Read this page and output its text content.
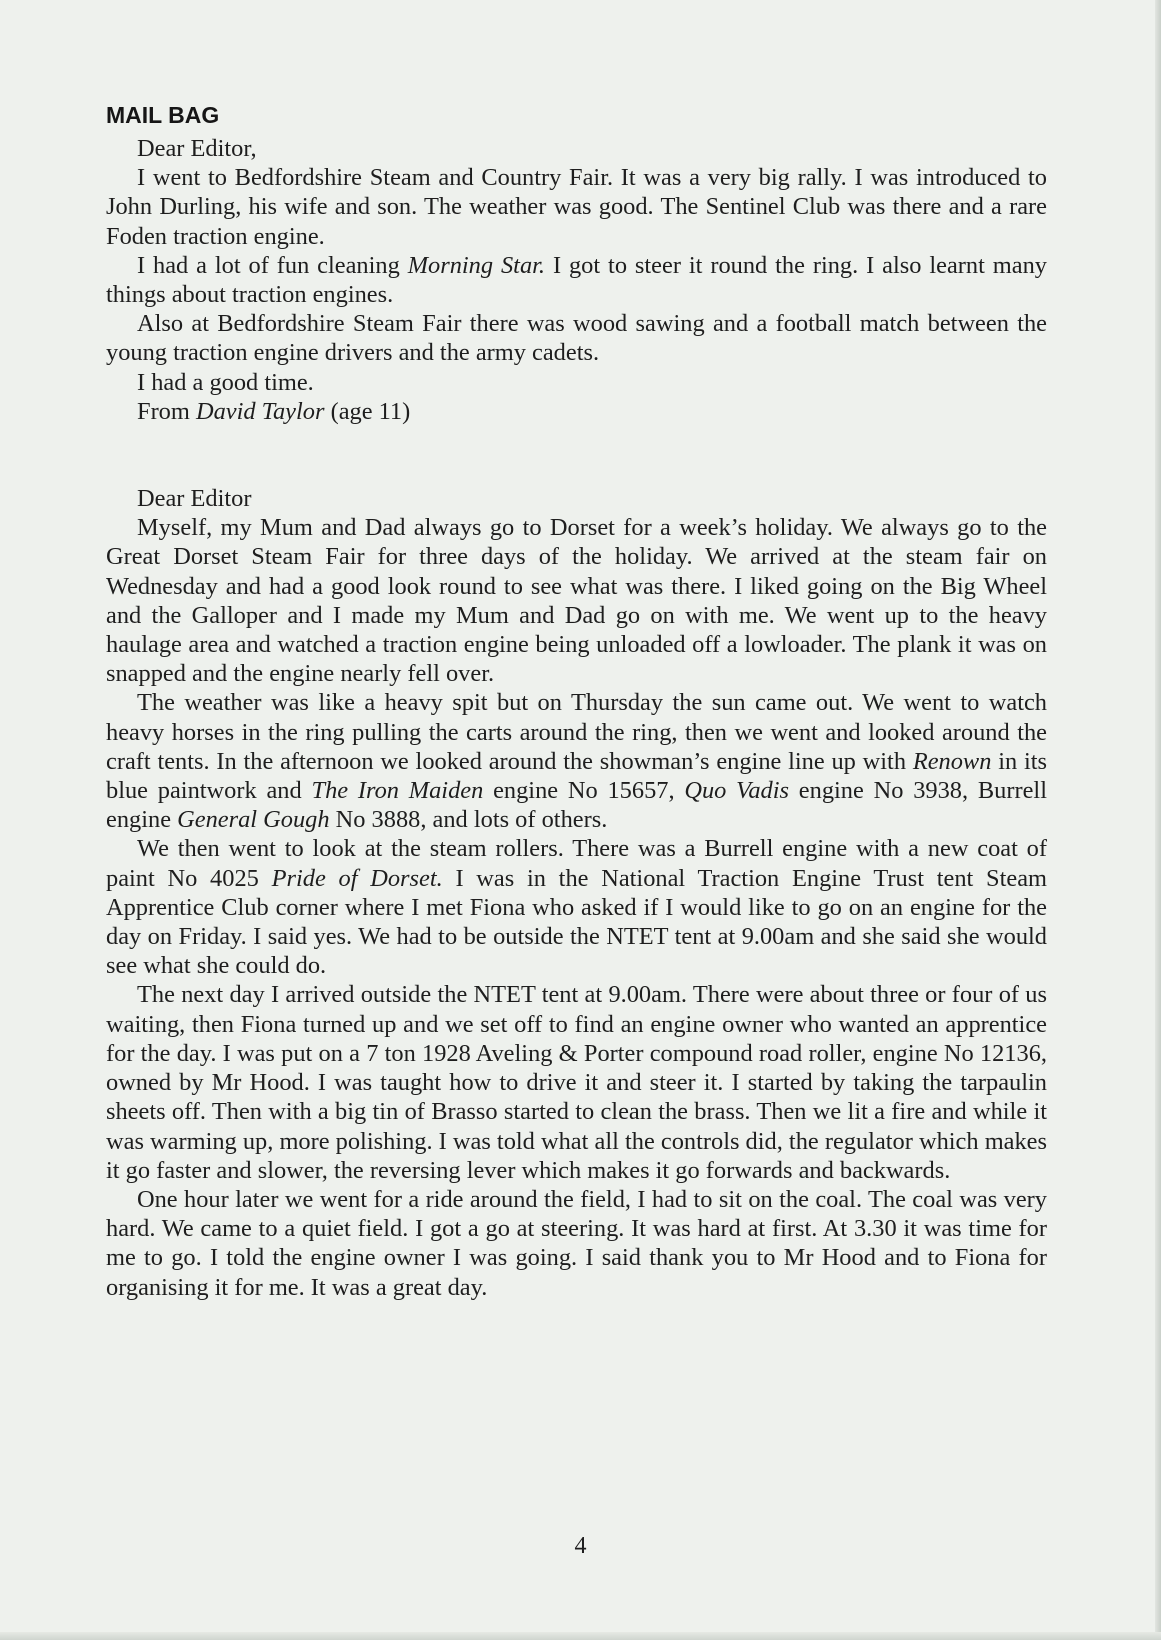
MAIL BAG

Dear Editor,

I went to Bedfordshire Steam and Country Fair. It was a very big rally. I was introduced to John Durling, his wife and son. The weather was good. The Sentinel Club was there and a rare Foden traction engine.

I had a lot of fun cleaning Morning Star. I got to steer it round the ring. I also learnt many things about traction engines.

Also at Bedfordshire Steam Fair there was wood sawing and a football match between the young traction engine drivers and the army cadets.

I had a good time.

From David Taylor (age 11)

Dear Editor

Myself, my Mum and Dad always go to Dorset for a week’s holiday. We always go to the Great Dorset Steam Fair for three days of the holiday. We arrived at the steam fair on Wednesday and had a good look round to see what was there. I liked going on the Big Wheel and the Galloper and I made my Mum and Dad go on with me. We went up to the heavy haulage area and watched a traction engine being unloaded off a lowloader. The plank it was on snapped and the engine nearly fell over.

The weather was like a heavy spit but on Thursday the sun came out. We went to watch heavy horses in the ring pulling the carts around the ring, then we went and looked around the craft tents. In the afternoon we looked around the showman’s engine line up with Renown in its blue paintwork and The Iron Maiden engine No 15657, Quo Vadis engine No 3938, Burrell engine General Gough No 3888, and lots of others.

We then went to look at the steam rollers. There was a Burrell engine with a new coat of paint No 4025 Pride of Dorset. I was in the National Traction Engine Trust tent Steam Apprentice Club corner where I met Fiona who asked if I would like to go on an engine for the day on Friday. I said yes. We had to be outside the NTET tent at 9.00am and she said she would see what she could do.

The next day I arrived outside the NTET tent at 9.00am. There were about three or four of us waiting, then Fiona turned up and we set off to find an engine owner who wanted an apprentice for the day. I was put on a 7 ton 1928 Aveling & Porter compound road roller, engine No 12136, owned by Mr Hood. I was taught how to drive it and steer it. I started by taking the tarpaulin sheets off. Then with a big tin of Brasso started to clean the brass. Then we lit a fire and while it was warming up, more polishing. I was told what all the controls did, the regulator which makes it go faster and slower, the reversing lever which makes it go forwards and backwards.

One hour later we went for a ride around the field, I had to sit on the coal. The coal was very hard. We came to a quiet field. I got a go at steering. It was hard at first. At 3.30 it was time for me to go. I told the engine owner I was going. I said thank you to Mr Hood and to Fiona for organising it for me. It was a great day.

4
